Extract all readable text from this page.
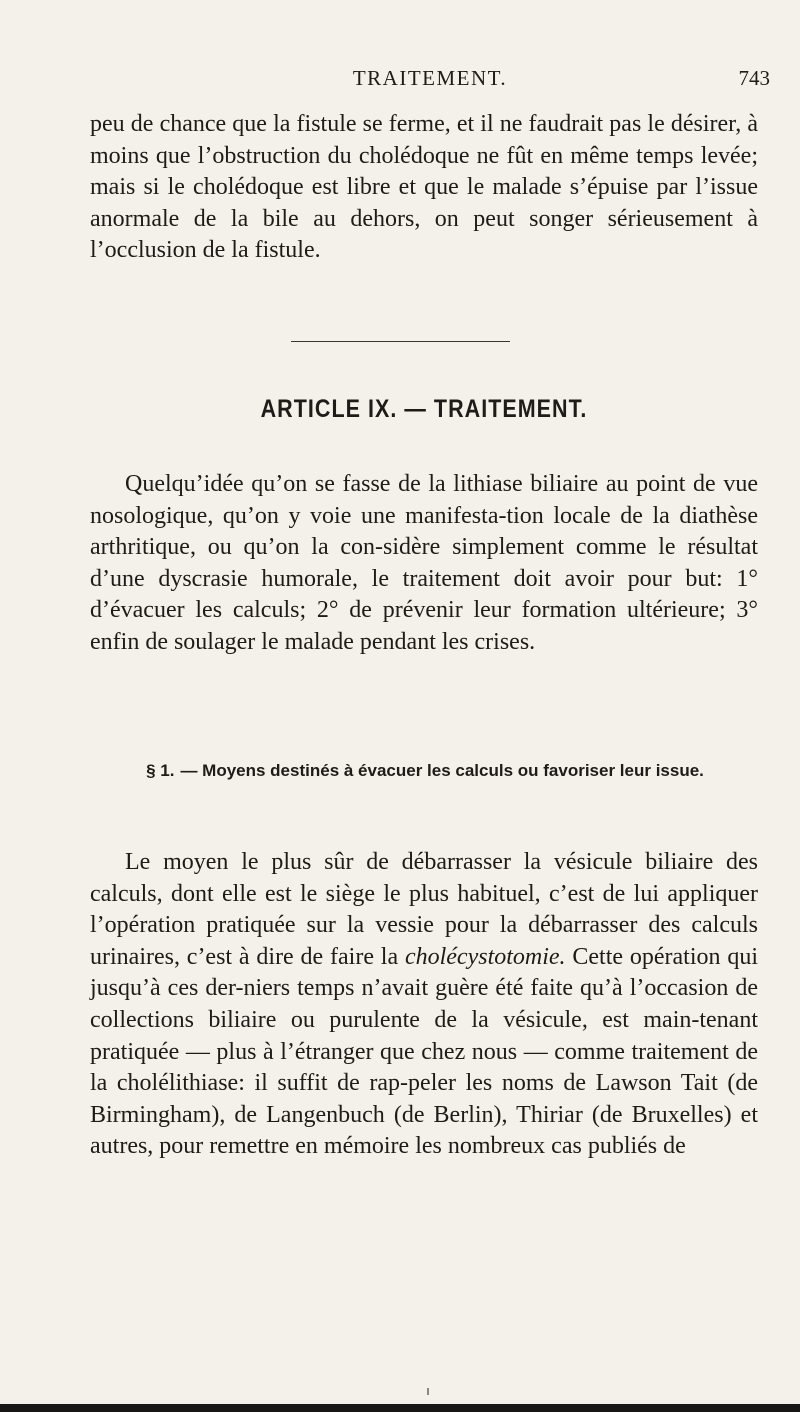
TRAITEMENT.	743

peu de chance que la fistule se ferme, et il ne faudrait pas le désirer, à moins que l’obstruction du cholédoque ne fût en même temps levée; mais si le cholédoque est libre et que le malade s’épuise par l’issue anormale de la bile au dehors, on peut songer sérieusement à l’occlusion de la fistule.

ARTICLE IX. — TRAITEMENT.

Quelqu’idée qu’on se fasse de la lithiase biliaire au point de vue nosologique, qu’on y voie une manifesta-tion locale de la diathèse arthritique, ou qu’on la con-sidère simplement comme le résultat d’une dyscrasie humorale, le traitement doit avoir pour but: 1° d’évacuer les calculs; 2° de prévenir leur formation ultérieure; 3° enfin de soulager le malade pendant les crises.

§ 1. — Moyens destinés à évacuer les calculs ou favoriser leur issue.

Le moyen le plus sûr de débarrasser la vésicule biliaire des calculs, dont elle est le siège le plus habituel, c’est de lui appliquer l’opération pratiquée sur la vessie pour la débarrasser des calculs urinaires, c’est à dire de faire la cholécystotomie. Cette opération qui jusqu’à ces der-niers temps n’avait guère été faite qu’à l’occasion de collections biliaire ou purulente de la vésicule, est main-tenant pratiquée — plus à l’étranger que chez nous — comme traitement de la cholélithiase: il suffit de rap-peler les noms de Lawson Tait (de Birmingham), de Langenbuch (de Berlin), Thiriar (de Bruxelles) et autres, pour remettre en mémoire les nombreux cas publiés de
